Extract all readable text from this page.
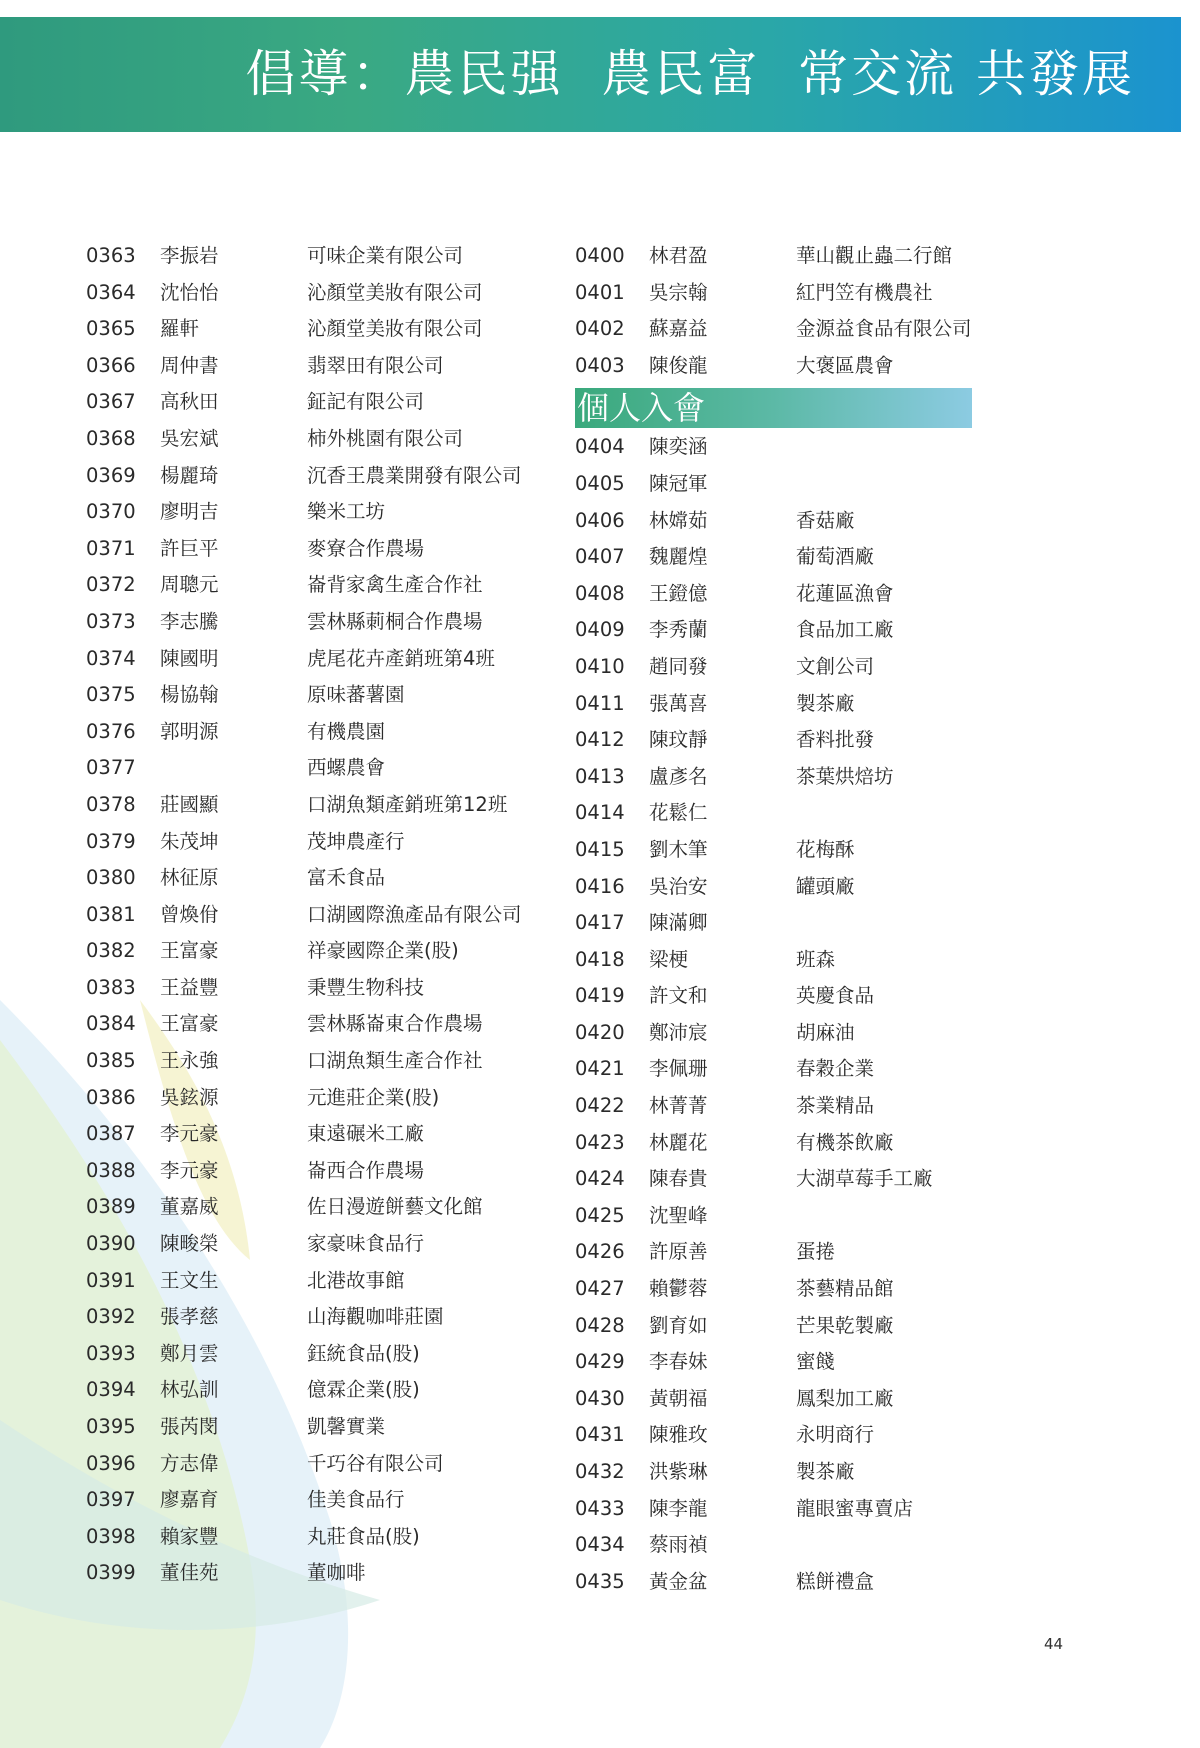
倡導：農民强  農民富  常交流 共發展
0363 李振岩	可味企業有限公司
0364 沈怡怡	沁顏堂美妝有限公司
0365 羅軒	沁顏堂美妝有限公司
0366 周仲書	翡翠田有限公司
0367 高秋田	鉦記有限公司
0368 吳宏斌	柿外桃園有限公司
0369 楊麗琦	沉香王農業開發有限公司
0370 廖明吉	樂米工坊
0371 許巨平	麥寮合作農場
0372 周聰元	崙背家禽生產合作社
0373 李志騰	雲林縣莿桐合作農場
0374 陳國明	虎尾花卉產銷班第4班
0375 楊協翰	原味蕃薯園
0376 郭明源	有機農園
0377	西螺農會
0378 莊國顯	口湖魚類產銷班第12班
0379 朱茂坤	茂坤農產行
0380 林征原	富禾食品
0381 曾煥佾	口湖國際漁產品有限公司
0382 王富豪	祥豪國際企業(股)
0383 王益豐	秉豐生物科技
0384 王富豪	雲林縣崙東合作農場
0385 王永強	口湖魚類生產合作社
0386 吳鉉源	元進莊企業(股)
0387 李元豪	東遠碾米工廠
0388 李元豪	崙西合作農場
0389 董嘉威	佐日漫遊餅藝文化館
0390 陳畯榮	家豪味食品行
0391 王文生	北港故事館
0392 張孝慈	山海觀咖啡莊園
0393 鄭月雲	鈺統食品(股)
0394 林弘訓	億霖企業(股)
0395 張芮閔	凱馨實業
0396 方志偉	千巧谷有限公司
0397 廖嘉育	佳美食品行
0398 賴家豐	丸莊食品(股)
0399 董佳苑	董咖啡
0400 林君盈	華山觀止蟲二行館
0401 吳宗翰	紅門笠有機農社
0402 蘇嘉益	金源益食品有限公司
0403 陳俊龍	大褒區農會
個人入會
0404 陳奕涵
0405 陳冠軍
0406 林嫦茹	香菇廠
0407 魏麗煌	葡萄酒廠
0408 王鐙億	花蓮區漁會
0409 李秀蘭	食品加工廠
0410 趙同發	文創公司
0411 張萬喜	製茶廠
0412 陳玟靜	香料批發
0413 盧彥名	茶葉烘焙坊
0414 花鬆仁
0415 劉木筆	花梅酥
0416 吳治安	罐頭廠
0417 陳滿卿
0418 梁梗	班森
0419 許文和	英慶食品
0420 鄭沛宸	胡麻油
0421 李佩珊	春穀企業
0422 林菁菁	茶業精品
0423 林麗花	有機茶飲廠
0424 陳春貴	大湖草莓手工廠
0425 沈聖峰
0426 許原善	蛋捲
0427 賴鬱蓉	茶藝精品館
0428 劉育如	芒果乾製廠
0429 李春妹	蜜餞
0430 黃朝福	鳳梨加工廠
0431 陳雅玫	永明商行
0432 洪紫琳	製茶廠
0433 陳李龍	龍眼蜜專賣店
0434 蔡雨禎
0435 黃金盆	糕餅禮盒
44
